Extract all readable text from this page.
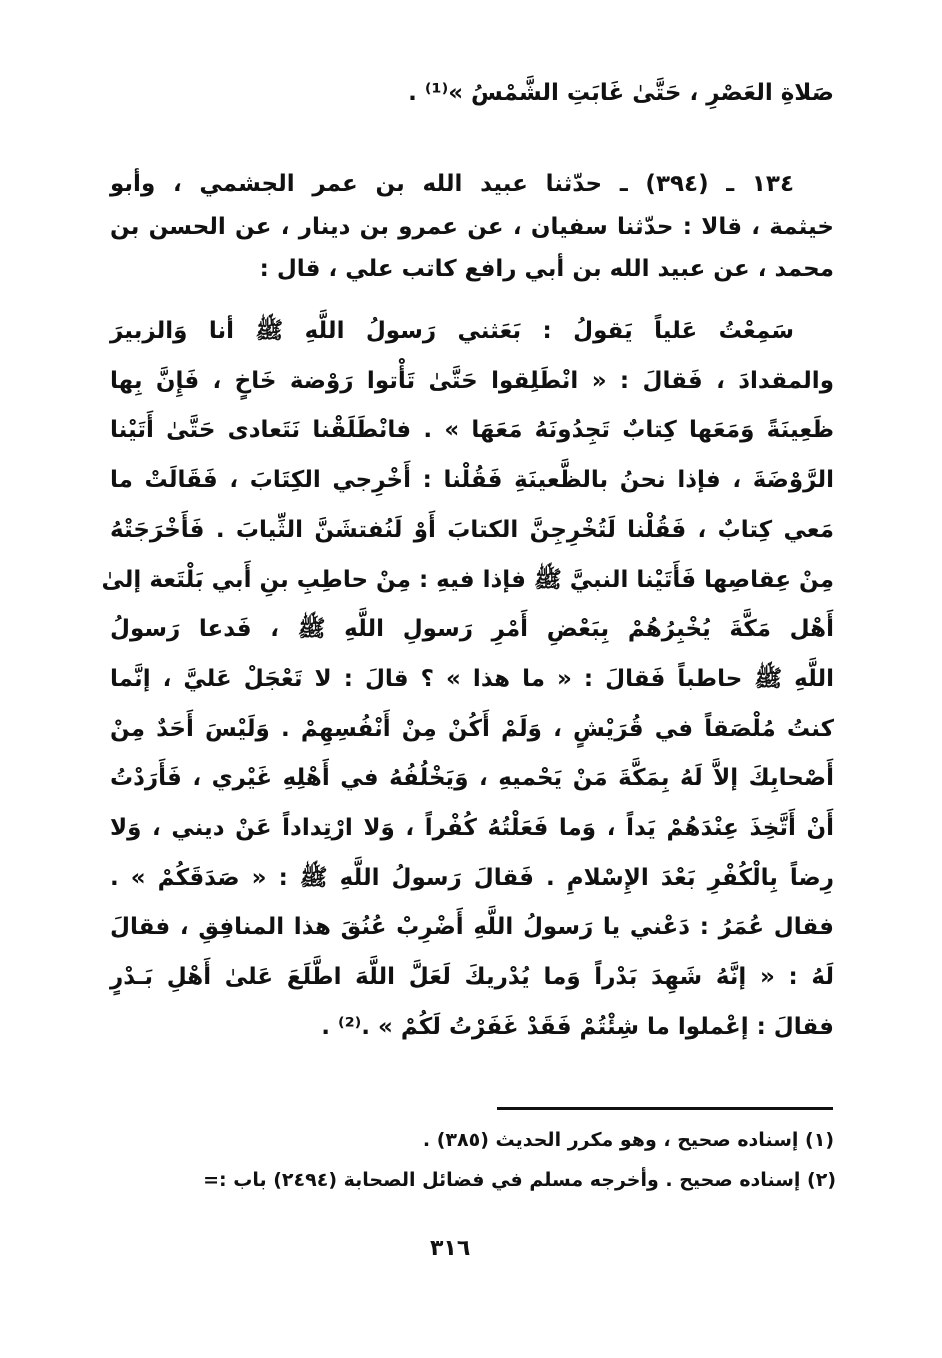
صَلاةِ العَصْرِ ، حَتَّىٰ غَابَتِ الشَّمْسُ »⁽¹⁾ .
١٣٤ ـ (٣٩٤) ـ حدّثنا عبيد الله بن عمر الجشمي ، وأبو
خيثمة ، قالا : حدّثنا سفيان ، عن عمرو بن دينار ، عن الحسن بن
محمد ، عن عبيد الله بن أبي رافع كاتب علي ، قال :
سَمِعْتُ عَلياً يَقولُ : بَعَثني رَسولُ اللَّهِ ﷺ أنا وَالزبيرَ
والمقدادَ ، فَقالَ : « انْطَلِقوا حَتَّىٰ تَأْتوا رَوْضة خَاخٍ ، فَإِنَّ بِها
ظَعِينَةً وَمَعَها كِتابٌ تَجِدُونَهُ مَعَهَا » . فانْطَلَقْنا نَتَعادى حَتَّىٰ أَتَيْنا
الرَّوْضَةَ ، فإذا نحنُ بالظَّعينَةِ فَقُلْنا : أَخْرِجي الكِتَابَ ، فَقَالَتْ ما
مَعي كِتابٌ ، فَقُلْنا لَتُخْرِجِنَّ الكتابَ أَوْ لَنُفتشَنَّ الثِّيابَ . فَأَخْرَجَتْهُ
مِنْ عِقاصِها فَأَتَيْنا النبيَّ ﷺ فإذا فيهِ : مِنْ حاطِبِ بنِ أَبي بَلْتَعة إلىٰ
أَهْل مَكَّةَ يُخْبِرُهُمْ بِبَعْضِ أَمْرِ رَسولِ اللَّهِ ﷺ ، فَدعا رَسولُ
اللَّهِ ﷺ حاطباً فَقالَ : « ما هذا » ؟ قالَ : لا تَعْجَلْ عَليَّ ، إنَّما
كنتُ مُلْصَقاً في قُرَيْشٍ ، وَلَمْ أَكُنْ مِنْ أَنْفُسِهِمْ . وَلَيْسَ أَحَدٌ مِنْ
أَصْحابِكَ إلاَّ لَهُ بِمَكَّةَ مَنْ يَحْميهِ ، وَيَخْلُفُهُ في أَهْلِهِ غَيْري ، فَأَرَدْتُ
أَنْ أَتَّخِذَ عِنْدَهُمْ يَداً ، وَما فَعَلْتُهُ كُفْراً ، وَلا ارْتِداداً عَنْ ديني ، وَلا
رِضاً بِالْكُفْرِ بَعْدَ الإِسْلامِ . فَقالَ رَسولُ اللَّهِ ﷺ : « صَدَقَكُمْ » .
فقال عُمَرُ : دَعْني يا رَسولُ اللَّهِ أَضْرِبْ عُنُقَ هذا المنافِقِ ، فقالَ
لَهُ : « إنَّهُ شَهِدَ بَدْراً وَما يُدْريكَ لَعَلَّ اللَّهَ اطَّلَعَ عَلىٰ أَهْلِ بَـدْرٍ
فقالَ : إعْملوا ما شِئْتُمْ فَقَدْ غَفَرْتُ لَكُمْ » .⁽²⁾ .
(١) إسناده صحيح ، وهو مكرر الحديث (٣٨٥) .
(٢) إسناده صحيح . وأخرجه مسلم في فضائل الصحابة (٢٤٩٤) باب :=
٣١٦
